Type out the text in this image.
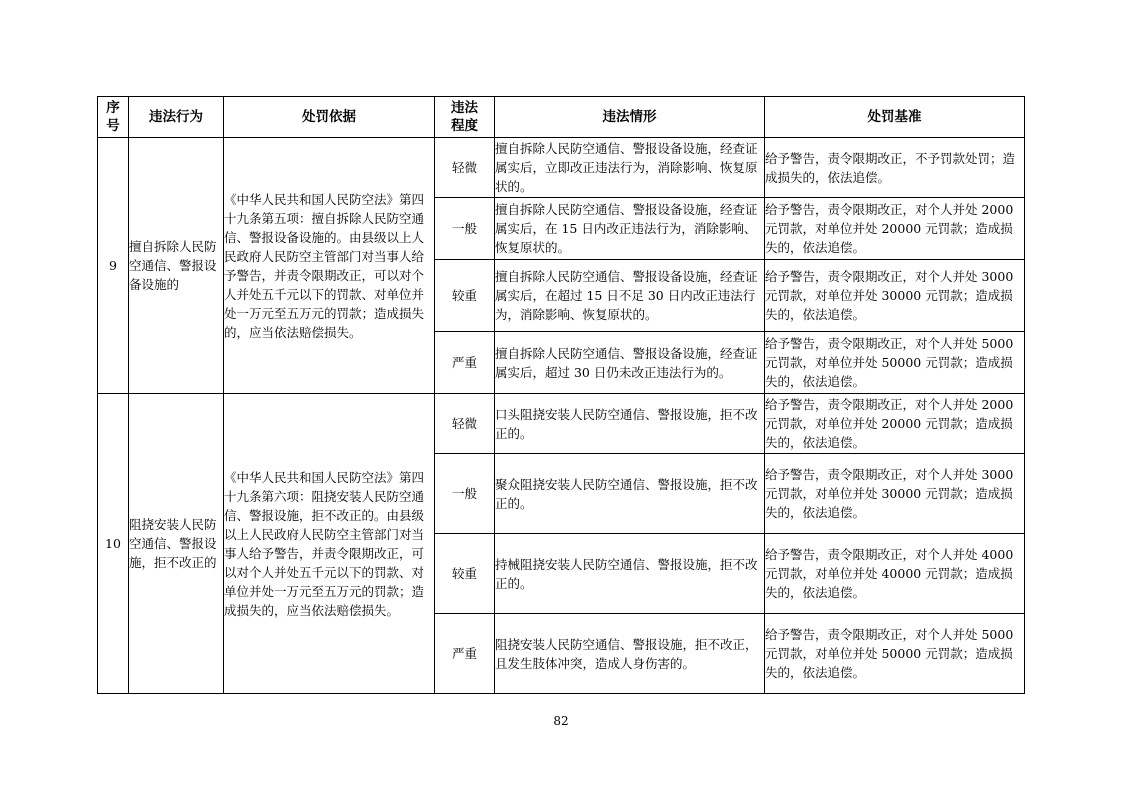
序号	违法行为	处罚依据	违法程度	违法情形	处罚基准
9	擅自拆除人民防空通信、警报设备设施的	《中华人民共和国人民防空法》第四十九条第五项：擅自拆除人民防空通信、警报设备设施的。由县级以上人民政府人民防空主管部门对当事人给予警告，并责令限期改正，可以对个人并处五千元以下的罚款、对单位并处一万元至五万元的罚款；造成损失的，应当依法赔偿损失。	轻微	擅自拆除人民防空通信、警报设备设施，经查证属实后，立即改正违法行为，消除影响、恢复原状的。	给予警告，责令限期改正，不予罚款处罚；造成损失的，依法追偿。
			一般	擅自拆除人民防空通信、警报设备设施，经查证属实后，在 15 日内改正违法行为，消除影响、恢复原状的。	给予警告，责令限期改正，对个人并处 2000 元罚款，对单位并处 20000 元罚款；造成损失的，依法追偿。
			较重	擅自拆除人民防空通信、警报设备设施，经查证属实后，在超过 15 日不足 30 日内改正违法行为，消除影响、恢复原状的。	给予警告，责令限期改正，对个人并处 3000 元罚款，对单位并处 30000 元罚款；造成损失的，依法追偿。
			严重	擅自拆除人民防空通信、警报设备设施，经查证属实后，超过 30 日仍未改正违法行为的。	给予警告，责令限期改正，对个人并处 5000 元罚款，对单位并处 50000 元罚款；造成损失的，依法追偿。
10	阻挠安装人民防空通信、警报设施，拒不改正的	《中华人民共和国人民防空法》第四十九条第六项：阻挠安装人民防空通信、警报设施，拒不改正的。由县级以上人民政府人民防空主管部门对当事人给予警告，并责令限期改正，可以对个人并处五千元以下的罚款、对单位并处一万元至五万元的罚款；造成损失的，应当依法赔偿损失。	轻微	口头阻挠安装人民防空通信、警报设施，拒不改正的。	给予警告，责令限期改正，对个人并处 2000 元罚款，对单位并处 20000 元罚款；造成损失的，依法追偿。
			一般	聚众阻挠安装人民防空通信、警报设施，拒不改正的。	给予警告，责令限期改正，对个人并处 3000 元罚款，对单位并处 30000 元罚款；造成损失的，依法追偿。
			较重	持械阻挠安装人民防空通信、警报设施，拒不改正的。	给予警告，责令限期改正，对个人并处 4000 元罚款，对单位并处 40000 元罚款；造成损失的，依法追偿。
			严重	阻挠安装人民防空通信、警报设施，拒不改正，且发生肢体冲突，造成人身伤害的。	给予警告，责令限期改正，对个人并处 5000 元罚款，对单位并处 50000 元罚款；造成损失的，依法追偿。
82
